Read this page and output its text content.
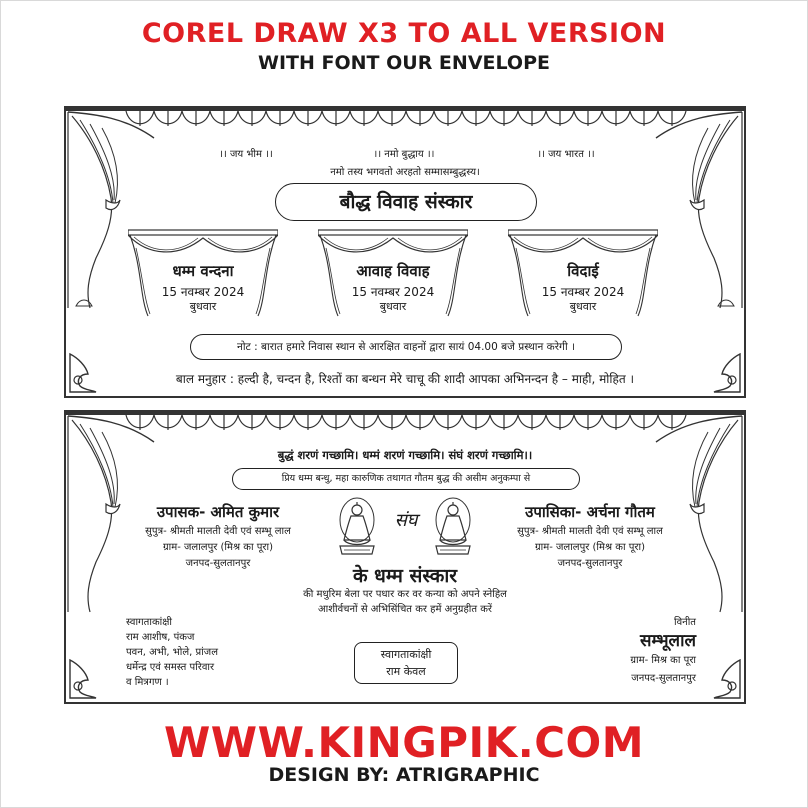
COREL DRAW X3 TO ALL VERSION
WITH FONT OUR ENVELOPE
।। जय भीम ।।	।। नमो बुद्धाय ।।	।। जय भारत ।।
नमो तस्य भगवतो अरहतो सम्मासम्बुद्धस्य।
बौद्ध विवाह संस्कार
धम्म वन्दना
15 नवम्बर 2024
बुधवार
आवाह विवाह
15 नवम्बर 2024
बुधवार
विदाई
15 नवम्बर 2024
बुधवार
नोट : बारात हमारे निवास स्थान से आरक्षित वाहनों द्वारा सायं 04.00 बजे प्रस्थान करेगी ।
बाल मनुहार : हल्दी है, चन्दन है, रिश्तों का बन्धन मेरे चाचू की शादी आपका अभिनन्दन है – माही, मोहित ।
बुद्धं शरणं गच्छामि। धम्मं शरणं गच्छामि। संघं शरणं गच्छामि।।
प्रिय धम्म बन्धु, महा कारुणिक तथागत गौतम बुद्ध की असीम अनुकम्पा से
उपासक- अमित कुमार
सुपुत्र- श्रीमती मालती देवी एवं सम्भू लाल
ग्राम- जलालपुर (मिश्र का पूरा)
जनपद-सुलतानपुर
संघ	उपासिका- अर्चना गौतम
सुपुत्र- श्रीमती मालती देवी एवं सम्भू लाल
ग्राम- जलालपुर (मिश्र का पूरा)
जनपद-सुलतानपुर
के धम्म संस्कार
की मधुरिम बेला पर पधार कर वर कन्या को अपने स्नेहिल
आशीर्वचनों से अभिसिंचित कर हमें अनुग्रहीत करें
स्वागताकांक्षी
राम आशीष, पंकज
पवन, अभी, भोले, प्रांजल
धर्मेन्द्र एवं समस्त परिवार
व मित्रगण ।
स्वागताकांक्षी
राम केवल
विनीत
सम्भूलाल
ग्राम- मिश्र का पूरा
जनपद-सुलतानपुर
WWW.KINGPIK.COM
DESIGN BY: ATRIGRAPHIC
